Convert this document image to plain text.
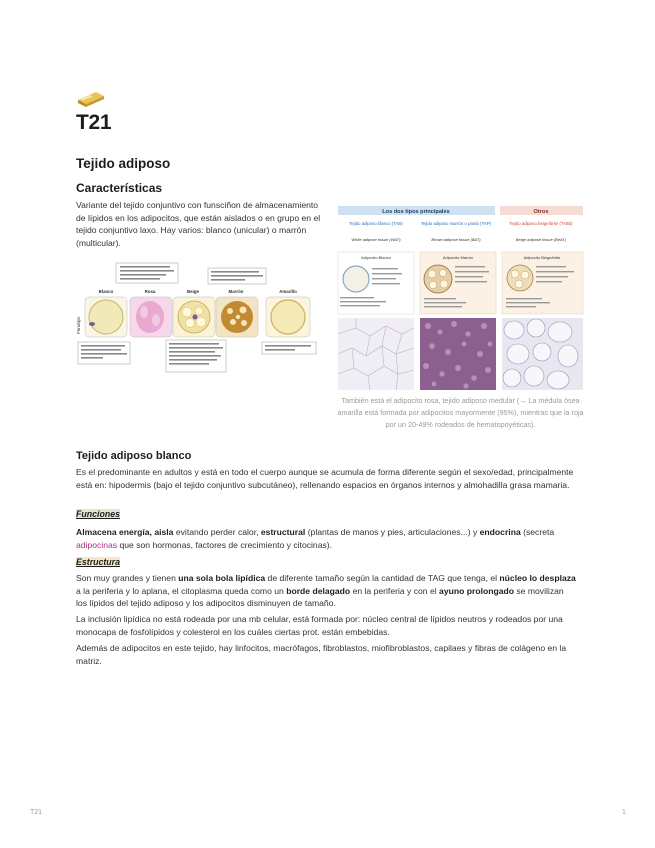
T21
Tejido adiposo
Características
Variante del tejido conjuntivo con funsciñon de almacenamiento de lípidos en los adipocitos, que están aislados o en grupo en el tejido conjuntivo laxo. Hay varios: blanco (unicular) o marrón (multicular).
Fenotipo
Blanco	Rosa	Beige	Marrón	Amarillo
Los dos tipos principales	Otros
Tejido adiposo blanco (TAB)	Tejido adiposo marrón o pardo (TAP)	Tejido adiposo beige/brite (TABb)
White adipose tissue (WAT)	Brown adipose tissue (BAT)	Beige adipose tissue (BeAT)
Adipocito Blanco	Adipocito Marrón	Adipocito Beige/brite
También está el adipocito rosa, tejido adiposo medular (→ La médula ósea amarilla está formada por adipocitos mayormente (95%), mientras que la roja por un 20-49% rodeados de hematopoyéticas).
Tejido adiposo blanco

Es el predominante en adultos y está en todo el cuerpo aunque se acumula de forma diferente según el sexo/edad, principalmente está en: hipodermis (bajo el tejido conjuntivo subcutáneo), rellenando espacios en órganos internos y almohadilla grasa mamaria.

Funciones

Almacena energía, aisla evitando perder calor, estructural (plantas de manos y pies, articulaciones...) y endocrina (secreta adipocinas que son hormonas, factores de crecimiento y citocinas).

Estructura

Son muy grandes y tienen una sola bola lipídica de diferente tamaño según la cantidad de TAG que tenga, el núcleo lo desplaza a la periferia y lo aplana, el citoplasma queda como un borde delagado en la periferia y con el ayuno prolongado se movilizan los lípidos del tejido adiposo y los adipocitos disminuyen de tamaño.

La inclusión lipídica no está rodeada por una mb celular, está formada por: núcleo central de lípidos neutros y rodeados por una monocapa de fosfolípidos y colesterol en los cuáles ciertas prot. están embebidas.

Además de adipocitos en este tejido, hay linfocitos, macrófagos, fibroblastos, miofibroblastos, capilaes y fibras de colágeno en la matriz.

T21	1
